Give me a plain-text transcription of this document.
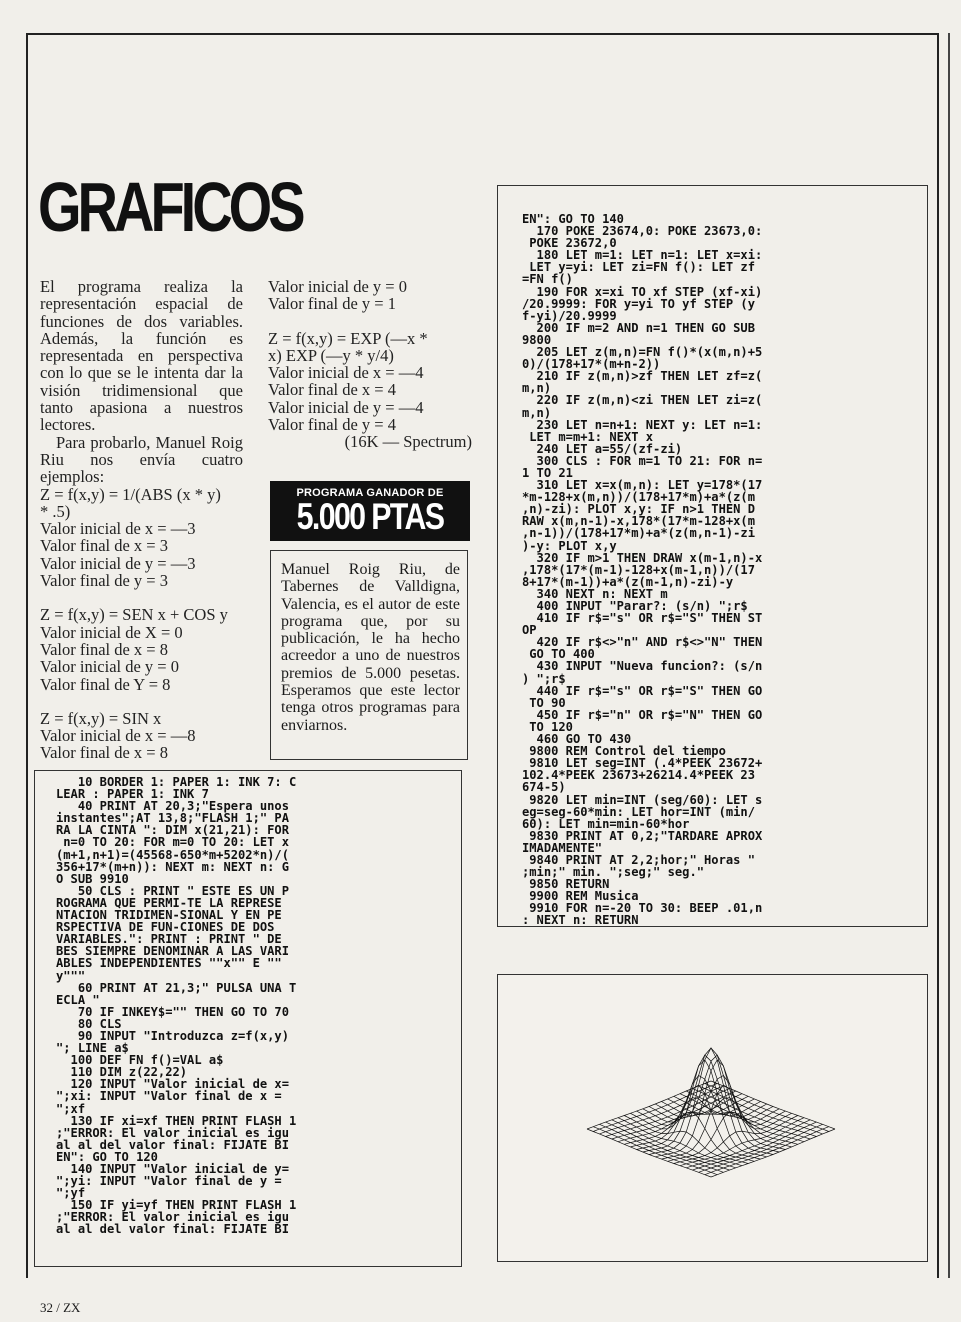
GRAFICOS

El programa realiza la representación espacial de funciones de dos variables. Además, la función es representada en perspectiva con lo que se le intenta dar la visión tridimensional que tanto apasiona a nuestros lectores.

Para probarlo, Manuel Roig Riu nos envía cuatro ejemplos:

Z = f(x,y) = 1/(ABS (x * y)

* .5)

Valor inicial de x = —3

Valor final de x = 3

Valor inicial de y = —3

Valor final de y = 3

Z = f(x,y) = SEN x + COS y

Valor inicial de X = 0

Valor final de x = 8

Valor inicial de y = 0

Valor final de Y = 8

Z = f(x,y) = SIN x

Valor inicial de x = —8

Valor final de x = 8

Valor inicial de y = 0

Valor final de y = 1

Z = f(x,y) = EXP (—x *

x) EXP (—y * y/4)

Valor inicial de x = —4

Valor final de x = 4

Valor inicial de y = —4

Valor final de y = 4

(16K — Spectrum)

PROGRAMA GANADOR DE
5.000 PTAS
Manuel Roig Riu, de Tabernes de Valldigna, Valencia, es el autor de este programa que, por su publicación, le ha hecho acreedor a uno de nuestros premios de 5.000 pesetas. Esperamos que este lector tenga otros programas para enviarnos.
10 BORDER 1: PAPER 1: INK 7: C
LEAR : PAPER 1: INK 7
40 PRINT AT 20,3;"Espera unos
instantes";AT 13,8;"FLASH 1;" PA
RA LA CINTA ": DIM x(21,21): FOR
n=0 TO 20: FOR m=0 TO 20: LET x
(m+1,n+1)=(45568-650*m+5202*n)/(
356+17*(m+n)): NEXT m: NEXT n: G
O SUB 9910
50 CLS : PRINT " ESTE ES UN P
ROGRAMA QUE PERMI-TE LA REPRESE
NTACION TRIDIMEN-SIONAL Y EN PE
RSPECTIVA DE FUN-CIONES DE DOS
VARIABLES.": PRINT : PRINT " DE
BES SIEMPRE DENOMINAR A LAS VARI
ABLES INDEPENDIENTES ""x"" E ""
y"""
60 PRINT AT 21,3;" PULSA UNA T
ECLA "
70 IF INKEY$="" THEN GO TO 70
80 CLS
90 INPUT "Introduzca z=f(x,y)
"; LINE a$
100 DEF FN f()=VAL a$
110 DIM z(22,22)
120 INPUT "Valor inicial de x=
";xi: INPUT "Valor final de x =
";xf
130 IF xi=xf THEN PRINT FLASH 1
;"ERROR: El valor inicial es igu
al al del valor final: FIJATE BI
EN": GO TO 120
140 INPUT "Valor inicial de y=
";yi: INPUT "Valor final de y =
";yf
150 IF yi=yf THEN PRINT FLASH 1
;"ERROR: El valor inicial es igu
al al del valor final: FIJATE BI
EN": GO TO 140
170 POKE 23674,0: POKE 23673,0:
POKE 23672,0
180 LET m=1: LET n=1: LET x=xi:
LET y=yi: LET zi=FN f(): LET zf
=FN f()
190 FOR x=xi TO xf STEP (xf-xi)
/20.9999: FOR y=yi TO yf STEP (y
f-yi)/20.9999
200 IF m=2 AND n=1 THEN GO SUB
9800
205 LET z(m,n)=FN f()*(x(m,n)+5
0)/(178+17*(m+n-2))
210 IF z(m,n)>zf THEN LET zf=z(
m,n)
220 IF z(m,n)<zi THEN LET zi=z(
m,n)
230 LET n=n+1: NEXT y: LET n=1:
LET m=m+1: NEXT x
240 LET a=55/(zf-zi)
300 CLS : FOR m=1 TO 21: FOR n=
1 TO 21
310 LET x=x(m,n): LET y=178*(17
*m-128+x(m,n))/(178+17*m)+a*(z(m
,n)-zi): PLOT x,y: IF n>1 THEN D
RAW x(m,n-1)-x,178*(17*m-128+x(m
,n-1))/(178+17*m)+a*(z(m,n-1)-zi
)-y: PLOT x,y
320 IF m>1 THEN DRAW x(m-1,n)-x
,178*(17*(m-1)-128+x(m-1,n))/(17
8+17*(m-1))+a*(z(m-1,n)-zi)-y
340 NEXT n: NEXT m
400 INPUT "Parar?: (s/n) ";r$
410 IF r$="s" OR r$="S" THEN ST
OP
420 IF r$<>"n" AND r$<>"N" THEN
GO TO 400
430 INPUT "Nueva funcion?: (s/n
) ";r$
440 IF r$="s" OR r$="S" THEN GO
TO 90
450 IF r$="n" OR r$="N" THEN GO
TO 120
460 GO TO 430
9800 REM Control del tiempo
9810 LET seg=INT (.4*PEEK 23672+
102.4*PEEK 23673+26214.4*PEEK 23
674-5)
9820 LET min=INT (seg/60): LET s
eg=seg-60*min: LET hor=INT (min/
60): LET min=min-60*hor
9830 PRINT AT 0,2;"TARDARE APROX
IMADAMENTE"
9840 PRINT AT 2,2;hor;" Horas "
;min;" min. ";seg;" seg."
9850 RETURN
9900 REM Musica
9910 FOR n=-20 TO 30: BEEP .01,n
: NEXT n: RETURN
32 / ZX
